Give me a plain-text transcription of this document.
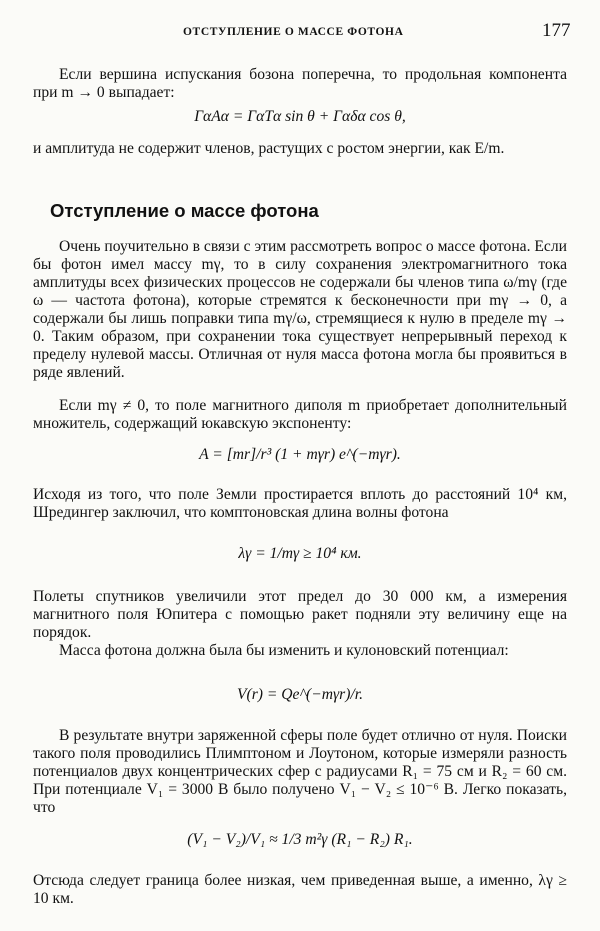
ОТСТУПЛЕНИЕ О МАССЕ ФОТОНА	177

Если вершина испускания бозона поперечна, то продольная компонента при m → 0 выпадает:

ΓαAα = ΓαTα sin θ + Γαδα cos θ,

и амплитуда не содержит членов, растущих с ростом энергии, как E/m.

Отступление о массе фотона

Очень поучительно в связи с этим рассмотреть вопрос о массе фотона. Если бы фотон имел массу mγ, то в силу сохранения электромагнитного тока амплитуды всех физических процессов не содержали бы членов типа ω/mγ (где ω — частота фотона), которые стремятся к бесконечности при mγ → 0, а содержали бы лишь поправки типа mγ/ω, стремящиеся к нулю в пределе mγ → 0. Таким образом, при сохранении тока существует непрерывный переход к пределу нулевой массы. Отличная от нуля масса фотона могла бы проявиться в ряде явлений.

Если mγ ≠ 0, то поле магнитного диполя m приобретает дополнительный множитель, содержащий юкавскую экспоненту:

A = [mr]/r³ (1 + mγr) e^(−mγr).

Исходя из того, что поле Земли простирается вплоть до расстояний 10⁴ км, Шредингер заключил, что комптоновская длина волны фотона

λγ = 1/mγ ≥ 10⁴ км.

Полеты спутников увеличили этот предел до 30 000 км, а измерения магнитного поля Юпитера с помощью ракет подняли эту величину еще на порядок.

Масса фотона должна была бы изменить и кулоновский потенциал:

V(r) = Qe^(−mγr)/r.

В результате внутри заряженной сферы поле будет отлично от нуля. Поиски такого поля проводились Плимптоном и Лоутоном, которые измеряли разность потенциалов двух концентрических сфер с радиусами R₁ = 75 см и R₂ = 60 см. При потенциале V₁ = 3000 В было получено V₁ − V₂ ≤ 10⁻⁶ В. Легко показать, что

(V₁ − V₂)/V₁ ≈ 1/3 m²γ (R₁ − R₂) R₁.

Отсюда следует граница более низкая, чем приведенная выше, а именно, λγ ≥ 10 км.
